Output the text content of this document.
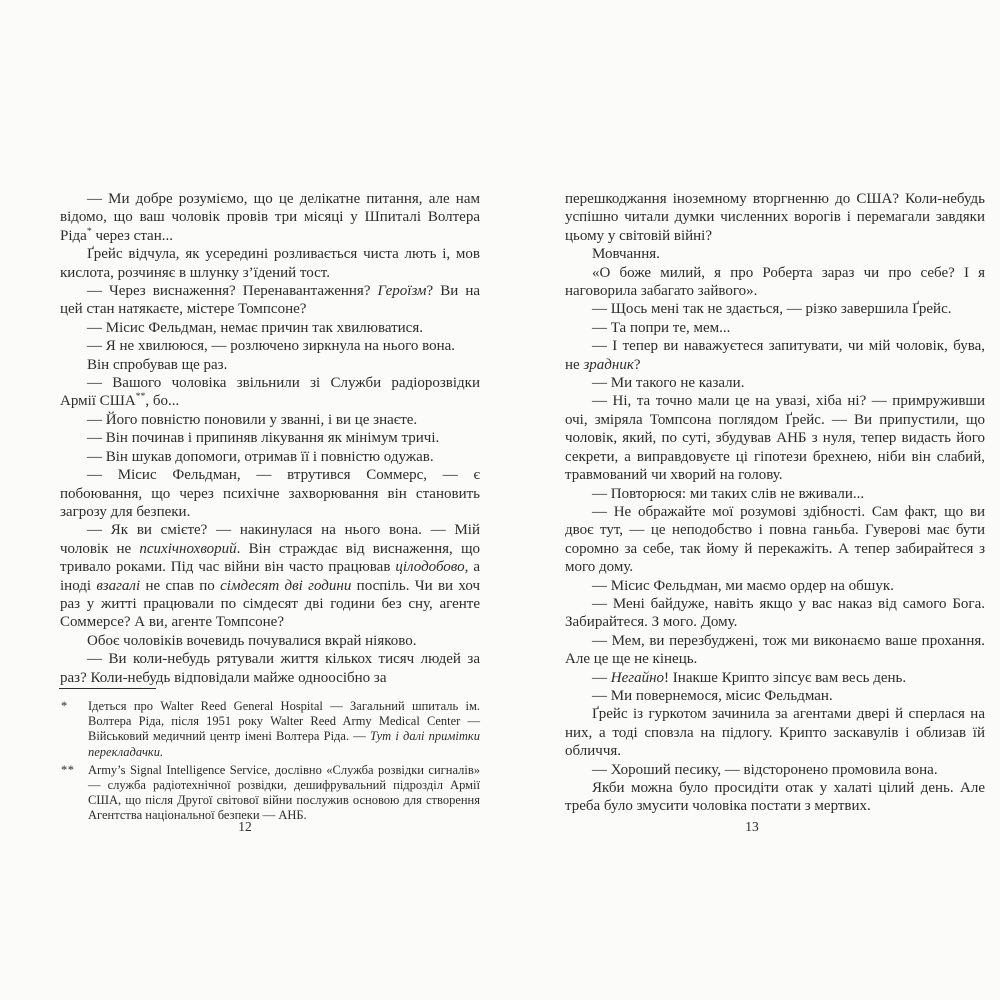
— Ми добре розуміємо, що це делікатне питання, але нам відомо, що ваш чоловік провів три місяці у Шпиталі Волтера Ріда* через стан...

Ґрейс відчула, як усередині розливається чиста лють і, мов кислота, розчиняє в шлунку з’їдений тост.

— Через виснаження? Перенавантаження? Героїзм? Ви на цей стан натякаєте, містере Томпсоне?

— Місис Фельдман, немає причин так хвилюватися.

— Я не хвилююся, — розлючено зиркнула на нього вона.

Він спробував ще раз.

— Вашого чоловіка звільнили зі Служби радіорозвідки Армії США**, бо...

— Його повністю поновили у званні, і ви це знаєте.

— Він починав і припиняв лікування як мінімум тричі.

— Він шукав допомоги, отримав її і повністю одужав.

— Місис Фельдман, — втрутився Соммерс, — є побоювання, що через психічне захворювання він становить загрозу для безпеки.

— Як ви смієте? — накинулася на нього вона. — Мій чоловік не психічнохворий. Він страждає від виснаження, що тривало роками. Під час війни він часто працював цілодобово, а іноді взагалі не спав по сімдесят дві години поспіль. Чи ви хоч раз у житті працювали по сімдесят дві години без сну, агенте Соммерсе? А ви, агенте Томпсоне?

Обоє чоловіків вочевидь почувалися вкрай ніяково.

— Ви коли-небудь рятували життя кількох тисяч людей за раз? Коли-небудь відповідали майже одноосібно за

* Ідеться про Walter Reed General Hospital — Загальний шпиталь ім. Волтера Ріда, після 1951 року Walter Reed Army Medical Center — Військовий медичний центр імені Волтера Ріда. — Тут і далі примітки перекладачки.
** Army’s Signal Intelligence Service, дослівно «Служба розвідки сигналів» — служба радіотехнічної розвідки, дешифрувальний підрозділ Армії США, що після Другої світової війни послужив основою для створення Агентства національної безпеки — АНБ.
12

перешкоджання іноземному вторгненню до США? Коли-небудь успішно читали думки численних ворогів і перемагали завдяки цьому у світовій війні?

Мовчання.

«О боже милий, я про Роберта зараз чи про себе? І я наговорила забагато зайвого».

— Щось мені так не здається, — різко завершила Ґрейс.

— Та попри те, мем...

— І тепер ви наважуєтеся запитувати, чи мій чоловік, бува, не зрадник?

— Ми такого не казали.

— Ні, та точно мали це на увазі, хіба ні? — примруживши очі, зміряла Томпсона поглядом Ґрейс. — Ви припустили, що чоловік, який, по суті, збудував АНБ з нуля, тепер видасть його секрети, а виправдовуєте ці гіпотези брехнею, ніби він слабий, травмований чи хворий на голову.

— Повторюся: ми таких слів не вживали...

— Не ображайте мої розумові здібності. Сам факт, що ви двоє тут, — це неподобство і повна ганьба. Гуверові має бути соромно за себе, так йому й перекажіть. А тепер забирайтеся з мого дому.

— Місис Фельдман, ми маємо ордер на обшук.

— Мені байдуже, навіть якщо у вас наказ від самого Бога. Забирайтеся. З мого. Дому.

— Мем, ви перезбуджені, тож ми виконаємо ваше прохання. Але це ще не кінець.

— Негайно! Інакше Крипто зіпсує вам весь день.

— Ми повернемося, місис Фельдман.

Ґрейс із гуркотом зачинила за агентами двері й сперлася на них, а тоді сповзла на підлогу. Крипто заскавулів і облизав їй обличчя.

— Хороший песику, — відсторонено промовила вона.

Якби можна було просидіти отак у халаті цілий день. Але треба було змусити чоловіка постати з мертвих.

13
